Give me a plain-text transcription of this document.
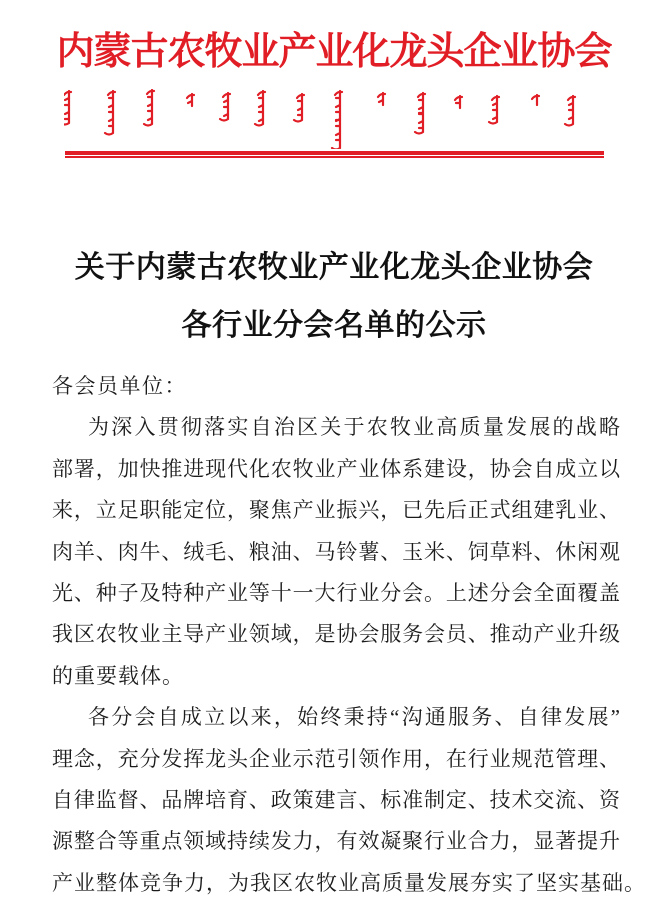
内蒙古农牧业产业化龙头企业协会
关于内蒙古农牧业产业化龙头企业协会
各行业分会名单的公示
各会员单位：
为深入贯彻落实自治区关于农牧业高质量发展的战略
部署，加快推进现代化农牧业产业体系建设，协会自成立以
来，立足职能定位，聚焦产业振兴，已先后正式组建乳业、
肉羊、肉牛、绒毛、粮油、马铃薯、玉米、饲草料、休闲观
光、种子及特种产业等十一大行业分会。上述分会全面覆盖
我区农牧业主导产业领域，是协会服务会员、推动产业升级
的重要载体。
各分会自成立以来，始终秉持“沟通服务、自律发展”
理念，充分发挥龙头企业示范引领作用，在行业规范管理、
自律监督、品牌培育、政策建言、标准制定、技术交流、资
源整合等重点领域持续发力，有效凝聚行业合力，显著提升
产业整体竞争力，为我区农牧业高质量发展夯实了坚实基础。
